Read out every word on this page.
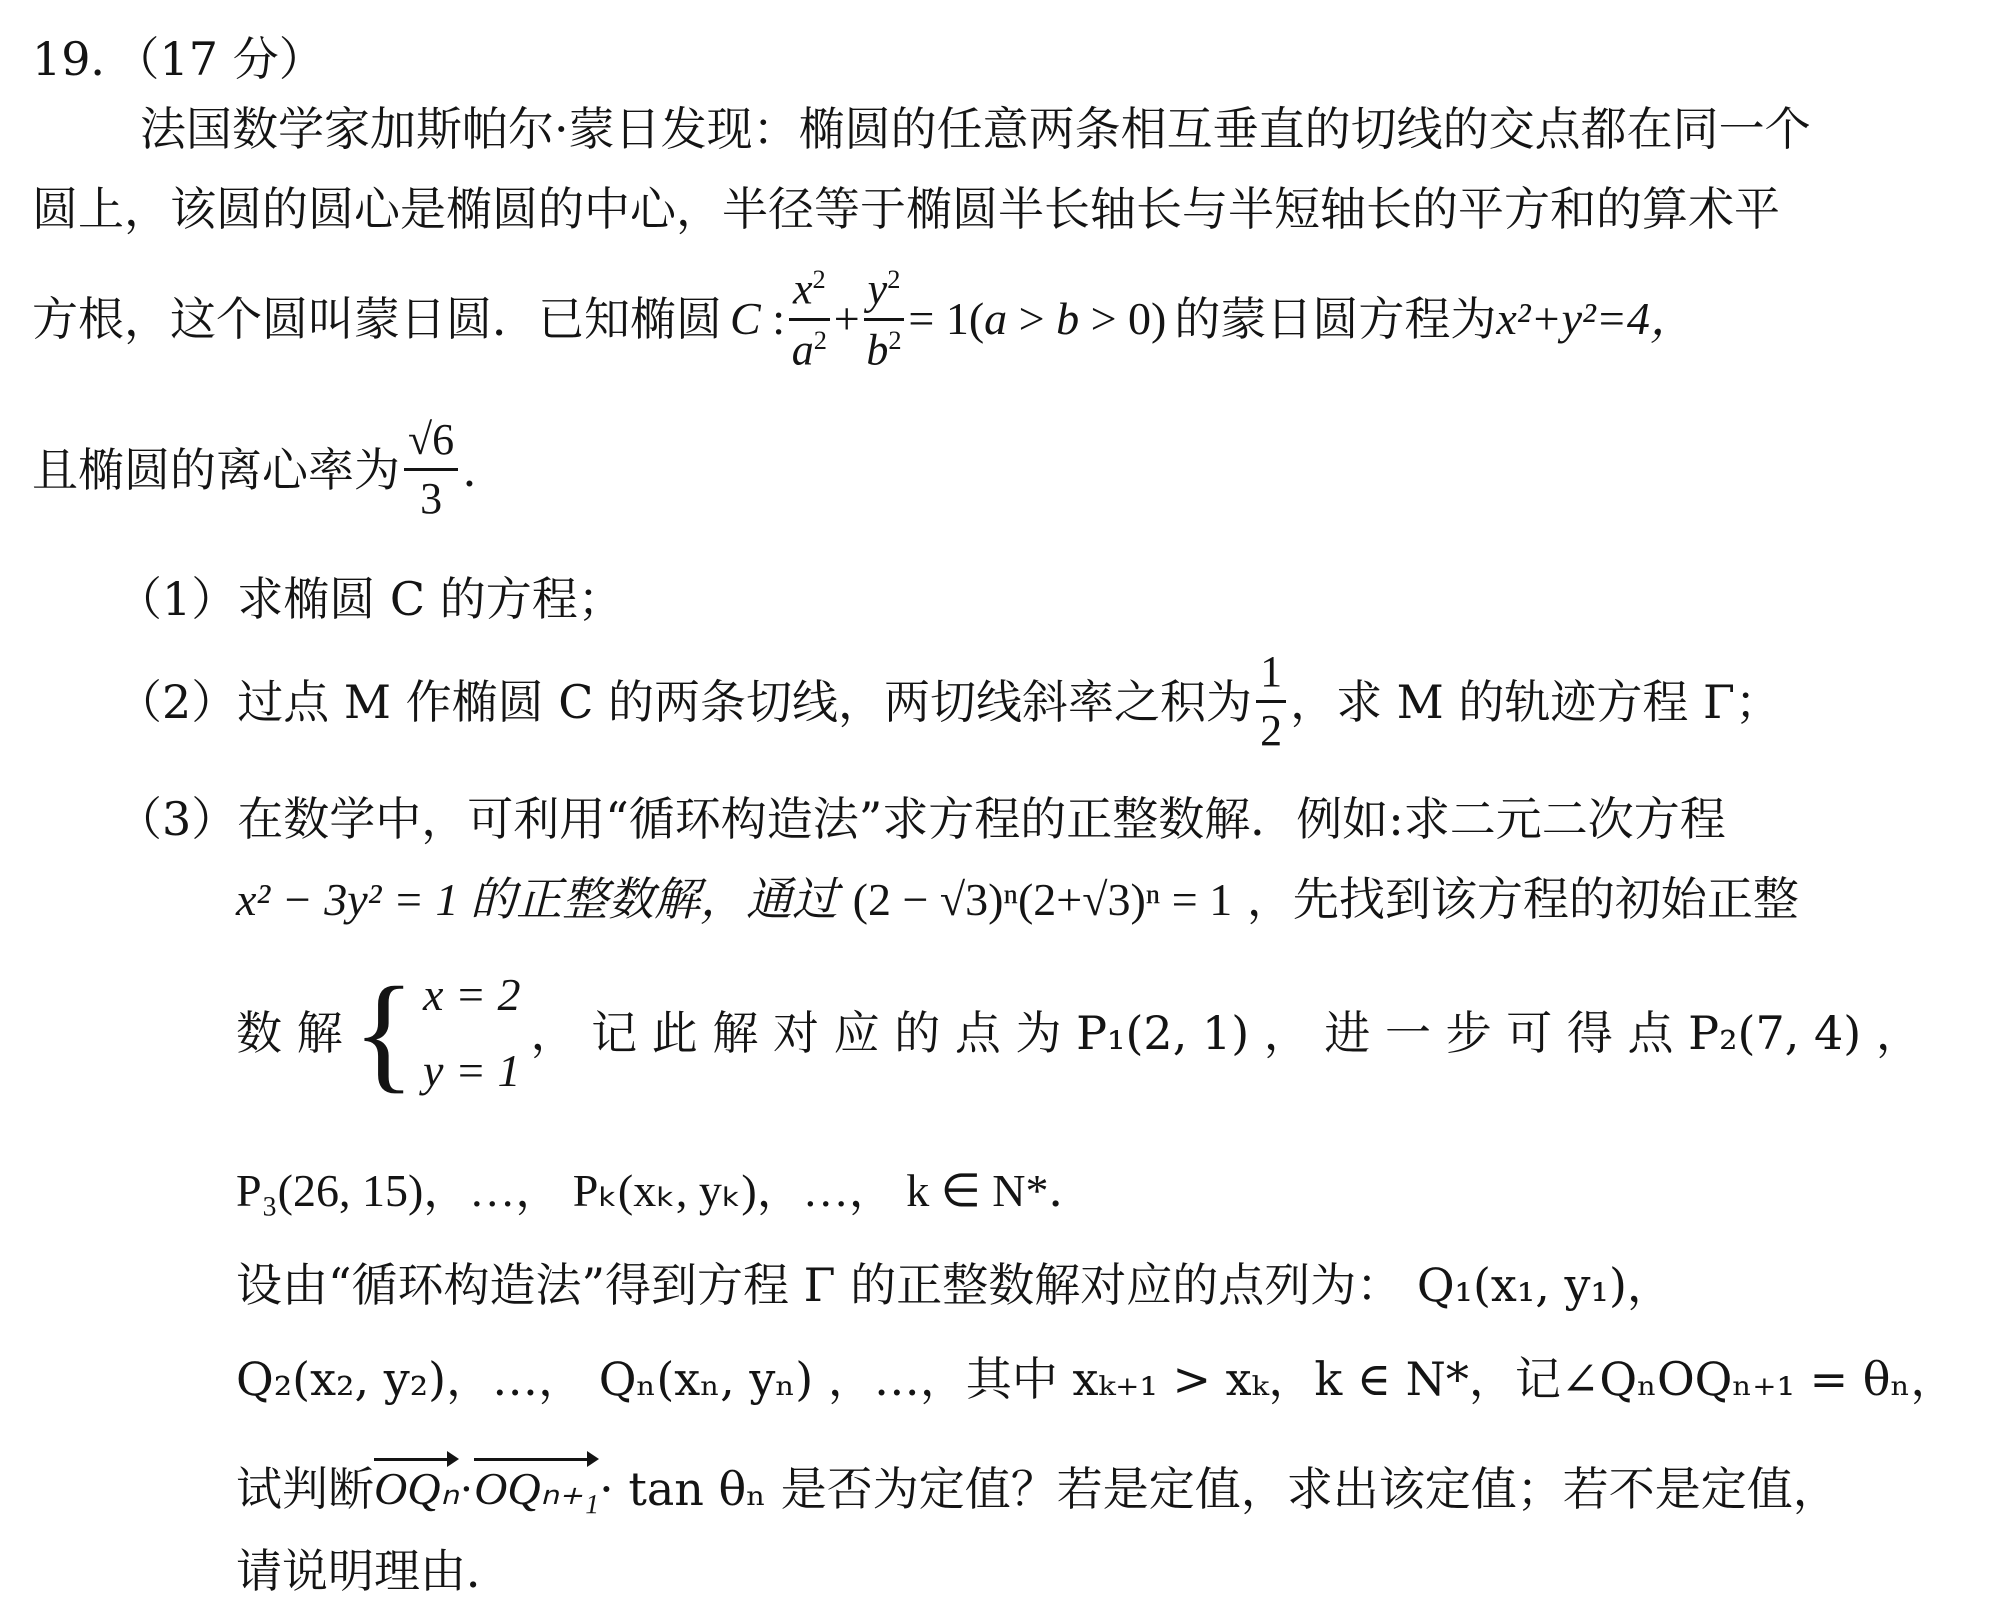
19．（17 分）
法国数学家加斯帕尔·蒙日发现：椭圆的任意两条相互垂直的切线的交点都在同一个
圆上，该圆的圆心是椭圆的中心，半径等于椭圆半长轴长与半短轴长的平方和的算术平
方根，这个圆叫蒙日圆．已知椭圆 C : $\frac{x^2}{a^2} + \frac{y^2}{b^2} = 1$( a > b > 0) 的蒙日圆方程为 x²+y²=4，
且椭圆的离心率为 $\frac{√6}{3}$ .
（1）求椭圆 C 的方程；
（2）过点 M 作椭圆 C 的两条切线，两切线斜率之积为 $\frac{1}{2}$ ，求 M 的轨迹方程 Γ；
（3）在数学中，可利用“循环构造法”求方程的正整数解．例如:求二元二次方程
x² − 3y² = 1 的正整数解，通过 (2 − √3)ⁿ(2+√3)ⁿ = 1 ，先找到该方程的初始正整
数 解 { x = 2
y = 1
， 记 此 解 对 应 的 点 为 P₁(2, 1) ， 进 一 步 可 得 点 P₂(7, 4) ，
P₃(26, 15)，…， Pₖ(xₖ, yₖ)，…， k ∈ N*．
设由“循环构造法”得到方程 Γ 的正整数解对应的点列为： Q₁(x₁, y₁)，
Q₂(x₂, y₂)，…， Qₙ(xₙ, yₙ) ，…，其中 xₖ₊₁ > xₖ，k ∈ N*，记∠QₙOQₙ₊₁ = θₙ，
试判断 OQₙ · OQₙ₊₁ · tan θₙ 是否为定值？若是定值，求出该定值；若不是定值，
请说明理由．
